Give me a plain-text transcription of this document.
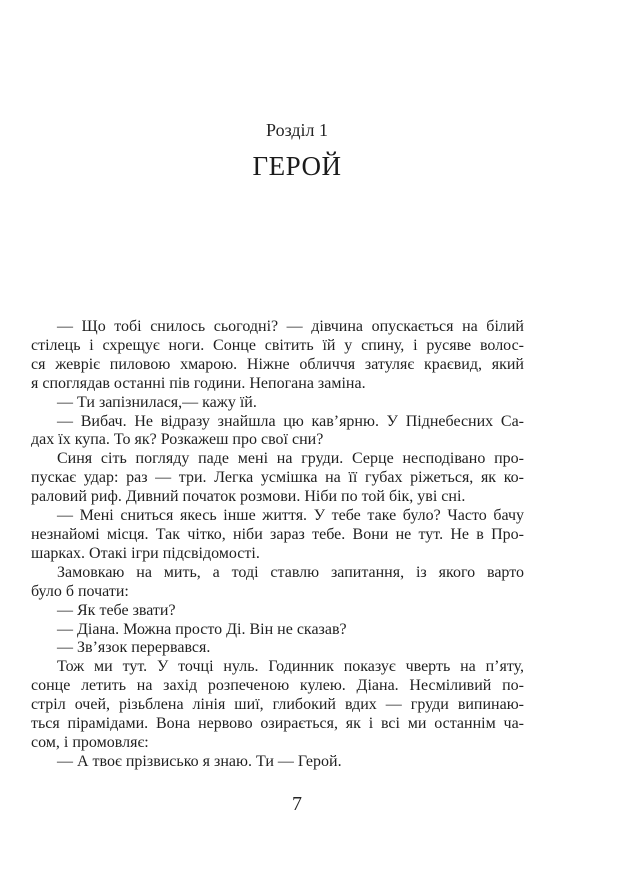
Розділ 1
ГЕРОЙ
— Що тобі снилось сьогодні? — дівчина опускається на білий
стілець і схрещує ноги. Сонце світить їй у спину, і русяве волос-
ся жевріє пиловою хмарою. Ніжне обличчя затуляє краєвид, який
я споглядав останні пів години. Непогана заміна.
— Ти запізнилася,— кажу їй.
— Вибач. Не відразу знайшла цю кав’ярню. У Піднебесних Са-
дах їх купа. То як? Розкажеш про свої сни?
Синя сіть погляду паде мені на груди. Серце несподівано про-
пускає удар: раз — три. Легка усмішка на її губах ріжеться, як ко-
раловий риф. Дивний початок розмови. Ніби по той бік, уві сні.
— Мені сниться якесь інше життя. У тебе таке було? Часто бачу
незнайомі місця. Так чітко, ніби зараз тебе. Вони не тут. Не в Про-
шарках. Отакі ігри підсвідомості.
Замовкаю на мить, а тоді ставлю запитання, із якого варто
було б почати:
— Як тебе звати?
— Діана. Можна просто Ді. Він не сказав?
— Зв’язок перервався.
Тож ми тут. У точці нуль. Годинник показує чверть на п’яту,
сонце летить на захід розпеченою кулею. Діана. Несміливий по-
стріл очей, різьблена лінія шиї, глибокий вдих — груди випинаю-
ться пірамідами. Вона нервово озирається, як і всі ми останнім ча-
сом, і промовляє:
— А твоє прізвисько я знаю. Ти — Герой.
7
